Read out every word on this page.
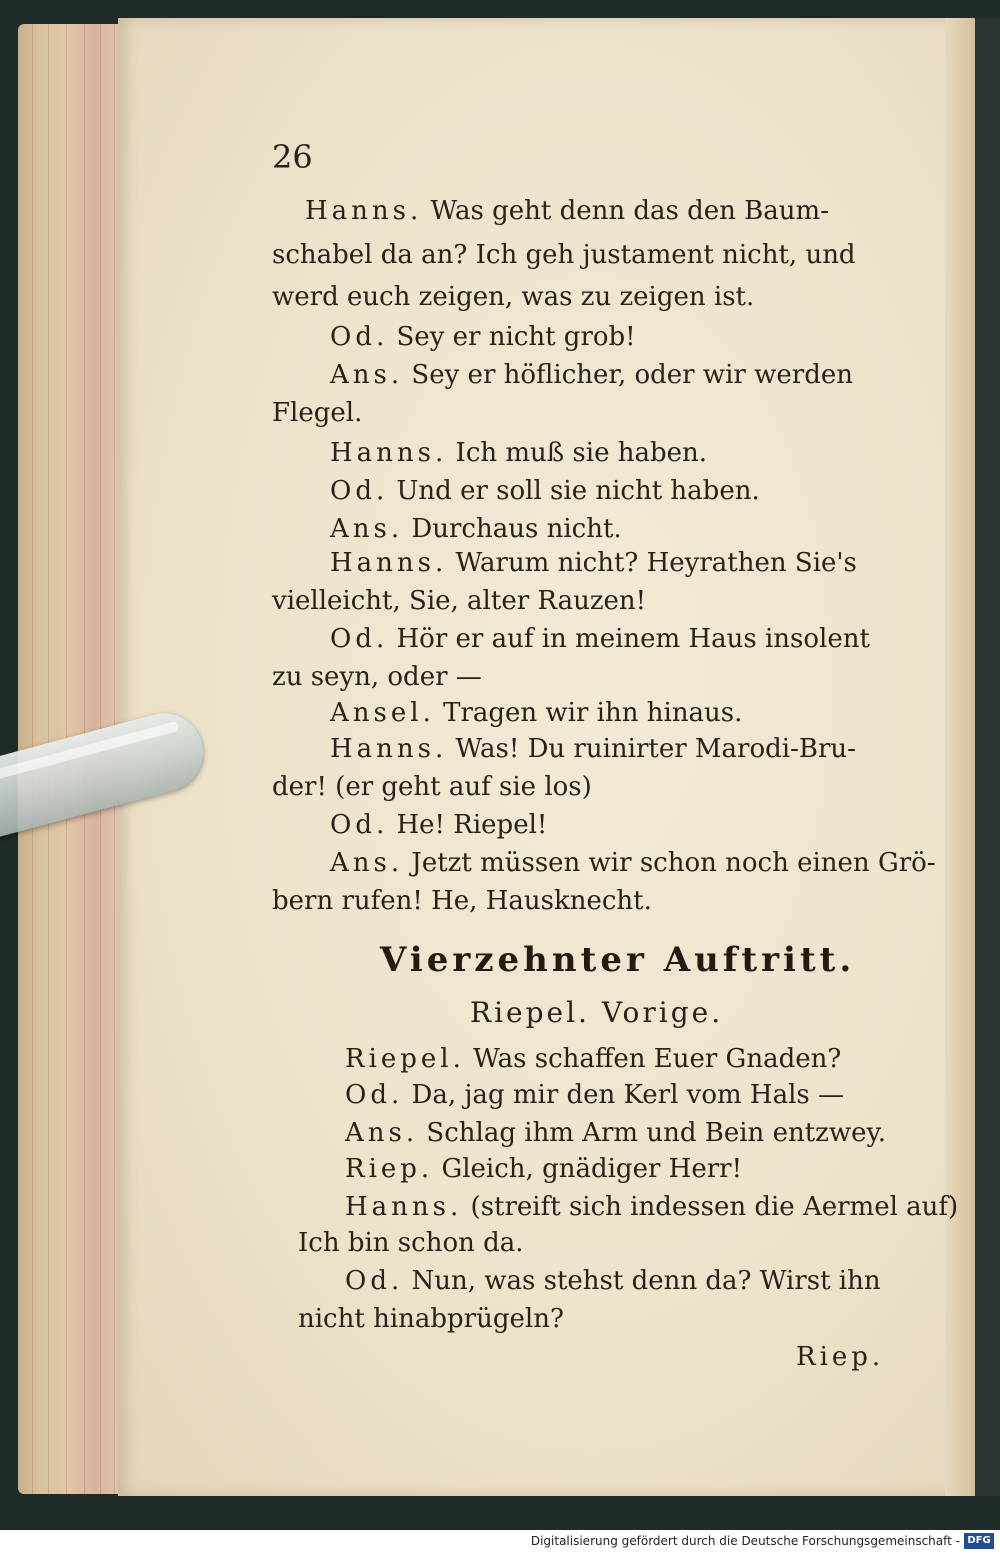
26
Hanns. Was geht denn das den Baum-
schabel da an? Ich geh justament nicht, und
werd euch zeigen, was zu zeigen ist.
Od. Sey er nicht grob!
Ans. Sey er höflicher, oder wir werden
Flegel.
Hanns. Ich muß sie haben.
Od. Und er soll sie nicht haben.
Ans. Durchaus nicht.
Hanns. Warum nicht? Heyrathen Sie's
vielleicht, Sie, alter Rauzen!
Od. Hör er auf in meinem Haus insolent
zu seyn, oder —
Ansel. Tragen wir ihn hinaus.
Hanns. Was! Du ruinirter Marodi-Bru-
der! (er geht auf sie los)
Od. He! Riepel!
Ans. Jetzt müssen wir schon noch einen Grö-
bern rufen! He, Hausknecht.
Vierzehnter Auftritt.
Riepel. Vorige.
Riepel. Was schaffen Euer Gnaden?
Od. Da, jag mir den Kerl vom Hals —
Ans. Schlag ihm Arm und Bein entzwey.
Riep. Gleich, gnädiger Herr!
Hanns. (streift sich indessen die Aermel auf)
Ich bin schon da.
Od. Nun, was stehst denn da? Wirst ihn
nicht hinabprügeln?
Riep.
Digitalisierung gefördert durch die Deutsche Forschungsgemeinschaft - DFG
